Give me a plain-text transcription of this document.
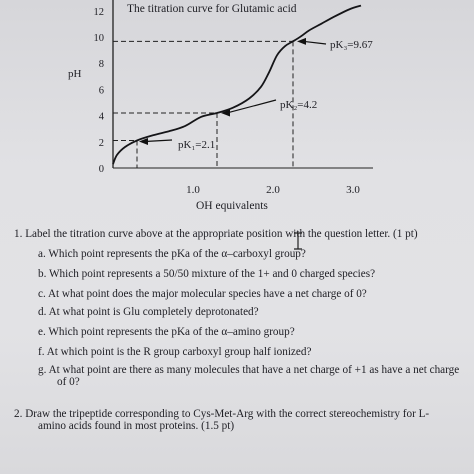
The titration curve for Glutamic acid
pH
OH equivalents
0
2
4
6
8
10
12
1.0	2.0	3.0
pK₁=2.1
pK₂=4.2
pK₃=9.67
1. Label the titration curve above at the appropriate position with the question letter. (1 pt)
a. Which point represents the pKa of the α–carboxyl group?
b. Which point represents a 50/50 mixture of the 1+ and 0 charged species?
c. At what point does the major molecular species have a net charge of 0?
d. At what point is Glu completely deprotonated?
e. Which point represents the pKa of the α–amino group?
f. At which point is the R group carboxyl group half ionized?
g. At what point are there as many molecules that have a net charge of +1 as have a net charge
of 0?
2. Draw the tripeptide corresponding to Cys-Met-Arg with the correct stereochemistry for L-
amino acids found in most proteins. (1.5 pt)
